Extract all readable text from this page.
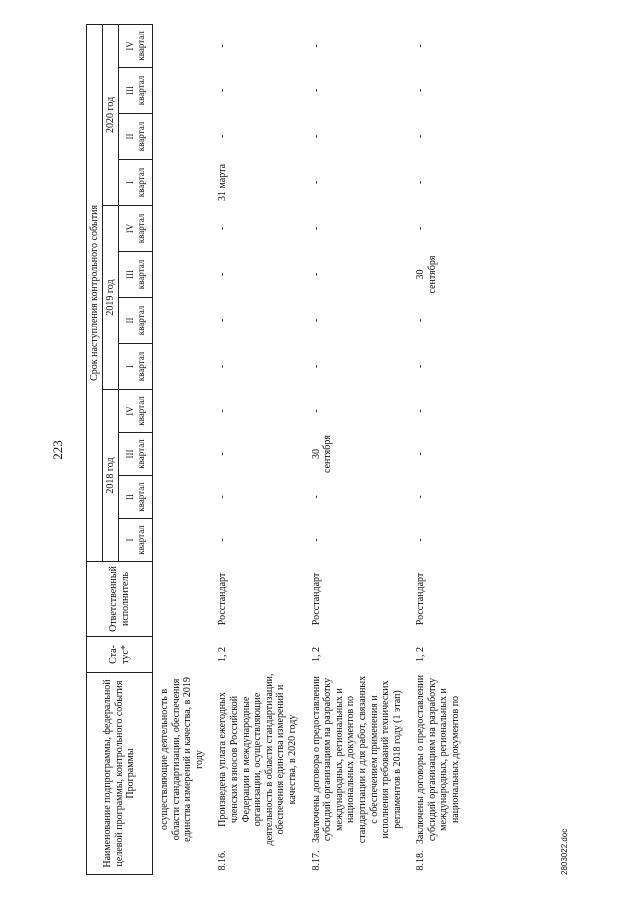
223
Наименование подпрограммы, федеральной целевой программы, контрольного события Программы		Ста-тус*	Ответственный исполнитель	Срок наступления контрольного события											
				2018 год				2019 год				2020 год			

				I квартал	II квартал	III квартал	IV квартал	I квартал	II квартал	III квартал	IV квартал	I квартал	II квартал	III квартал	IV квартал

	осуществляющие деятельность в области стандартизации, обеспечения единства измерений и качества, в 2019 году														
8.16.	Произведена уплата ежегодных членских взносов Российской Федерации в международные организации, осуществляющие деятельность в области стандартизации, обеспечения единства измерений и качества, в 2020 году	1, 2	Росстандарт	-	-	-	-	-	-	-	-	31 марта	-	-	-
8.17.	Заключены договора о предоставлении субсидий организациям на разработку международных, региональных и национальных документов по стандартизации и для работ, связанных с обеспечением применения и исполнения требований технических регламентов в 2018 году (1 этап)	1, 2	Росстандарт	-	-	30 сентября	-	-	-	-	-	-	-	-	-
8.18.	Заключены договоры о предоставлении субсидий организациям на разработку международных, региональных и национальных документов по	1, 2	Росстандарт	-	-	-	-	-	-	30 сентября	-	-	-	-	-
2803022.doc
